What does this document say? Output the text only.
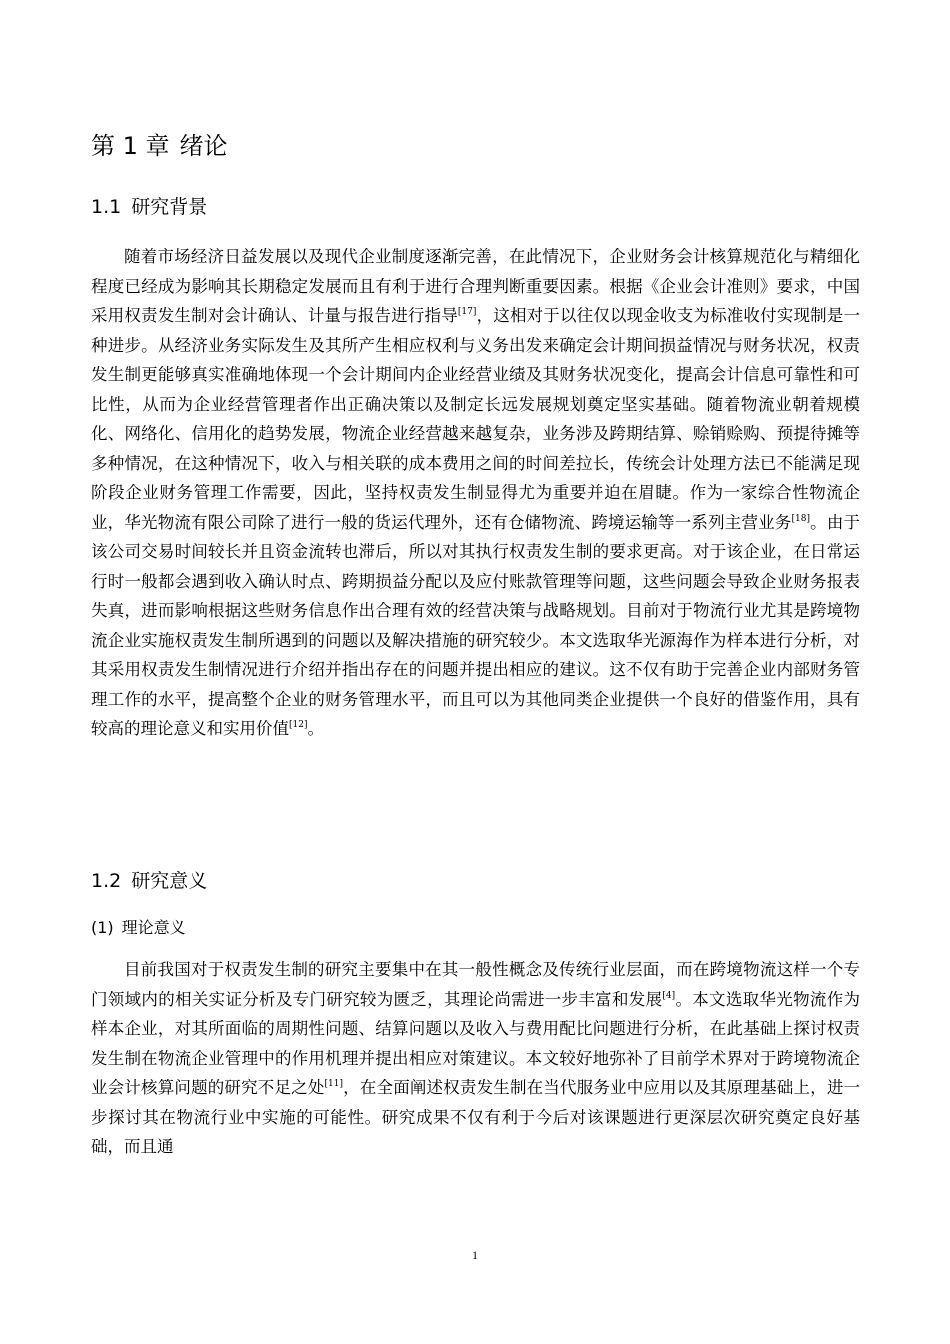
第 1 章 绪论
1.1 研究背景

随着市场经济日益发展以及现代企业制度逐渐完善，在此情况下，企业财务会计核算规范化与精细化程度已经成为影响其长期稳定发展而且有利于进行合理判断重要因素。根据《企业会计准则》要求，中国采用权责发生制对会计确认、计量与报告进行指导[17]，这相对于以往仅以现金收支为标准收付实现制是一种进步。从经济业务实际发生及其所产生相应权利与义务出发来确定会计期间损益情况与财务状况，权责发生制更能够真实准确地体现一个会计期间内企业经营业绩及其财务状况变化，提高会计信息可靠性和可比性，从而为企业经营管理者作出正确决策以及制定长远发展规划奠定坚实基础。随着物流业朝着规模化、网络化、信用化的趋势发展，物流企业经营越来越复杂，业务涉及跨期结算、赊销赊购、预提待摊等多种情况，在这种情况下，收入与相关联的成本费用之间的时间差拉长，传统会计处理方法已不能满足现阶段企业财务管理工作需要，因此，坚持权责发生制显得尤为重要并迫在眉睫。作为一家综合性物流企业，华光物流有限公司除了进行一般的货运代理外，还有仓储物流、跨境运输等一系列主营业务[18]。由于该公司交易时间较长并且资金流转也滞后，所以对其执行权责发生制的要求更高。对于该企业，在日常运行时一般都会遇到收入确认时点、跨期损益分配以及应付账款管理等问题，这些问题会导致企业财务报表失真，进而影响根据这些财务信息作出合理有效的经营决策与战略规划。目前对于物流行业尤其是跨境物流企业实施权责发生制所遇到的问题以及解决措施的研究较少。本文选取华光源海作为样本进行分析，对其采用权责发生制情况进行介绍并指出存在的问题并提出相应的建议。这不仅有助于完善企业内部财务管理工作的水平，提高整个企业的财务管理水平，而且可以为其他同类企业提供一个良好的借鉴作用，具有较高的理论意义和实用价值[12]。

1.2 研究意义
(1) 理论意义

目前我国对于权责发生制的研究主要集中在其一般性概念及传统行业层面，而在跨境物流这样一个专门领域内的相关实证分析及专门研究较为匮乏，其理论尚需进一步丰富和发展[4]。本文选取华光物流作为样本企业，对其所面临的周期性问题、结算问题以及收入与费用配比问题进行分析，在此基础上探讨权责发生制在物流企业管理中的作用机理并提出相应对策建议。本文较好地弥补了目前学术界对于跨境物流企业会计核算问题的研究不足之处[11]，在全面阐述权责发生制在当代服务业中应用以及其原理基础上，进一步探讨其在物流行业中实施的可能性。研究成果不仅有利于今后对该课题进行更深层次研究奠定良好基础，而且通

1
